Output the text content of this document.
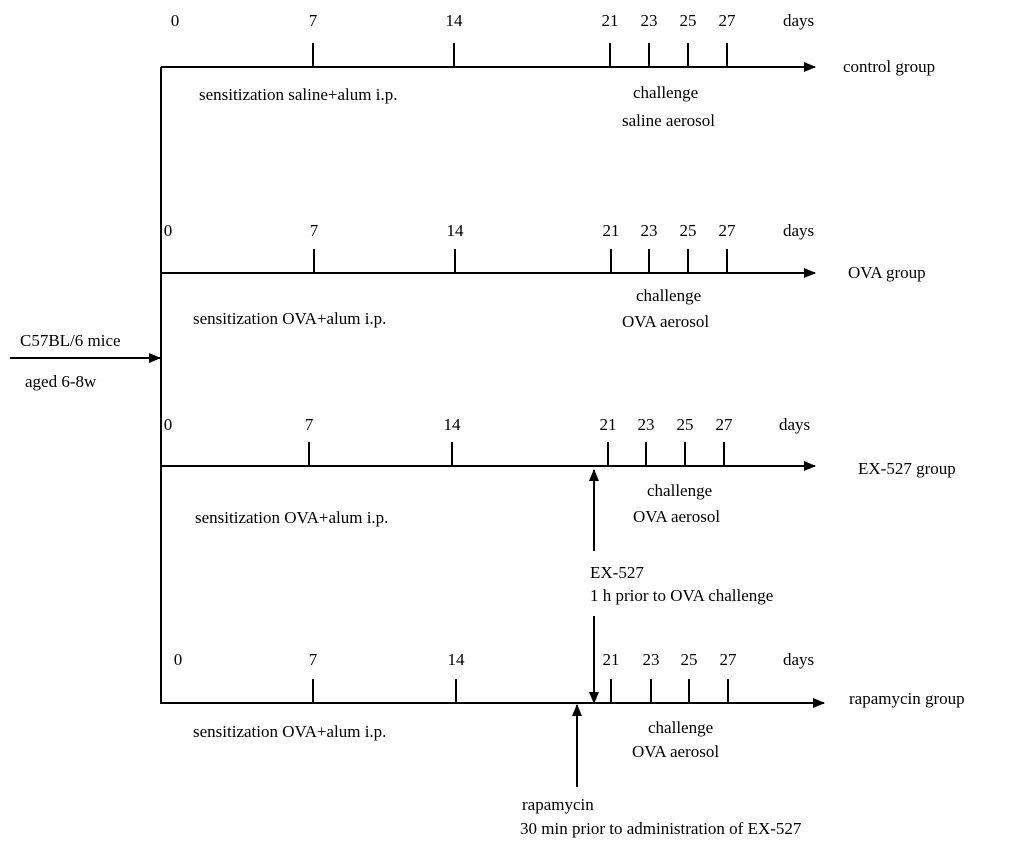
C57BL/6 mice
aged 6-8w
0	7	14	21 23 25 27	days
control group
sensitization saline+alum i.p.	challenge
saline aerosol
0	7	14	21 23 25 27	days
OVA group
sensitization OVA+alum i.p.
challenge
OVA aerosol
0	7	14	21 23 25 27	days
EX-527 group
sensitization OVA+alum i.p.
challenge
OVA aerosol
0	7	14	21 23 25 27	days
rapamycin group
sensitization OVA+alum i.p.	challenge
OVA aerosol
EX-527
1 h prior to OVA challenge
rapamycin
30 min prior to administration of EX-527
